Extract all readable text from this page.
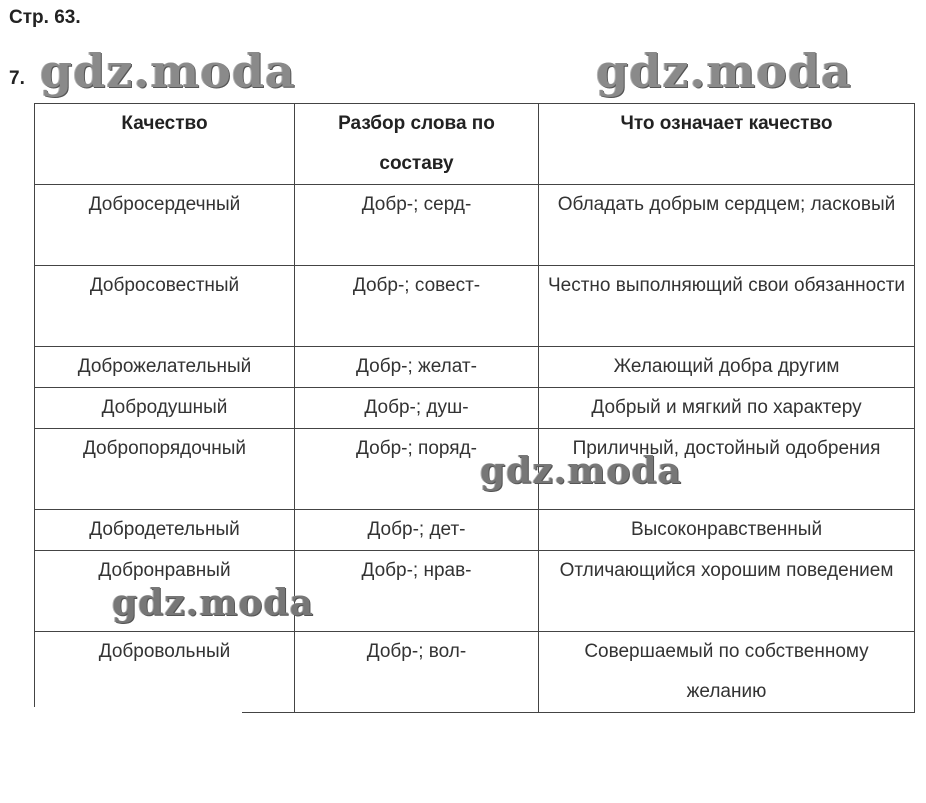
Стр. 63.
7.
Качество	Разбор слова по составу	Что означает качество
Добросердечный	Добр-; серд-	Обладать добрым сердцем; ласковый
Добросовестный	Добр-; совест-	Честно выполняющий свои обязанности
Доброжелательный	Добр-; желат-	Желающий добра другим
Добродушный	Добр-; душ-	Добрый и мягкий по характеру
Добропорядочный	Добр-; поряд-	Приличный, достойный одобрения
Добродетельный	Добр-; дет-	Высоконравственный
Добронравный	Добр-; нрав-	Отличающийся хорошим поведением
Добровольный	Добр-; вол-	Совершаемый по собственному желанию
gdz.moda	gdz.moda
gdz.moda
gdz.moda
